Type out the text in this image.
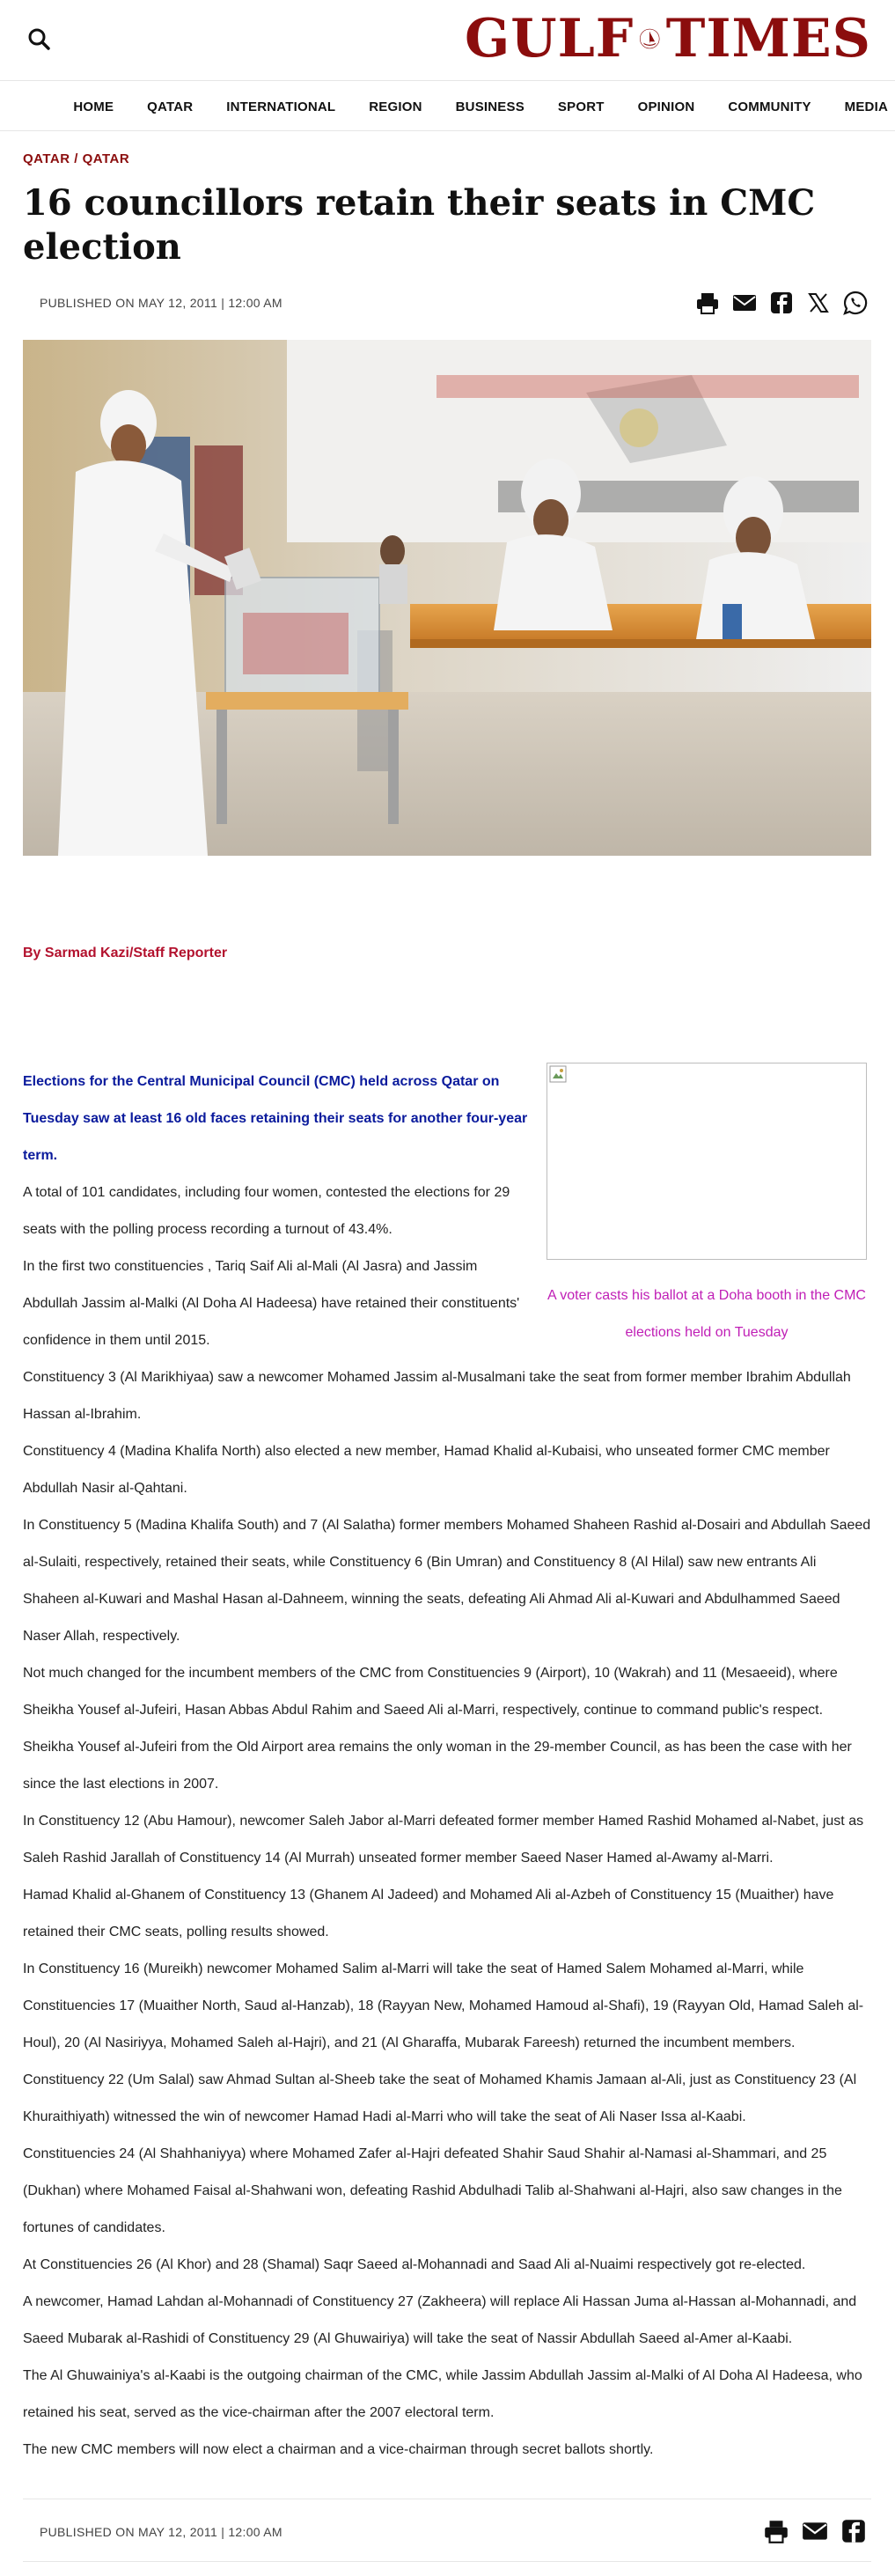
GULF TIMES
HOME	QATAR	INTERNATIONAL	REGION	BUSINESS	SPORT	OPINION	COMMUNITY	MEDIA
QATAR / QATAR
16 councillors retain their seats in CMC election
PUBLISHED ON MAY 12, 2011 | 12:00 AM
By Sarmad Kazi/Staff Reporter
A voter casts his ballot at a Doha booth in the CMC elections held on Tuesday

Elections for the Central Municipal Council (CMC) held across Qatar on Tuesday saw at least 16 old faces retaining their seats for another four-year term.

A total of 101 candidates, including four women, contested the elections for 29 seats with the polling process recording a turnout of 43.4%.

In the first two constituencies , Tariq Saif Ali al-Mali (Al Jasra) and Jassim Abdullah Jassim al-Malki (Al Doha Al Hadeesa) have retained their constituents' confidence in them until 2015.

Constituency 3 (Al Marikhiyaa) saw a newcomer Mohamed Jassim al-Musalmani take the seat from former member Ibrahim Abdullah Hassan al-Ibrahim.

Constituency 4 (Madina Khalifa North) also elected a new member, Hamad Khalid al-Kubaisi, who unseated former CMC member Abdullah Nasir al-Qahtani.

In Constituency 5 (Madina Khalifa South) and 7 (Al Salatha) former members Mohamed Shaheen Rashid al-Dosairi and Abdullah Saeed al-Sulaiti, respectively, retained their seats, while Constituency 6 (Bin Umran) and Constituency 8 (Al Hilal) saw new entrants Ali Shaheen al-Kuwari and Mashal Hasan al-Dahneem, winning the seats, defeating Ali Ahmad Ali al-Kuwari and Abdulhammed Saeed Naser Allah, respectively.

Not much changed for the incumbent members of the CMC from Constituencies 9 (Airport), 10 (Wakrah) and 11 (Mesaeeid), where Sheikha Yousef al-Jufeiri, Hasan Abbas Abdul Rahim and Saeed Ali al-Marri, respectively, continue to command public's respect.

Sheikha Yousef al-Jufeiri from the Old Airport area remains the only woman in the 29-member Council, as has been the case with her since the last elections in 2007.

In Constituency 12 (Abu Hamour), newcomer Saleh Jabor al-Marri defeated former member Hamed Rashid Mohamed al-Nabet, just as Saleh Rashid Jarallah of Constituency 14 (Al Murrah) unseated former member Saeed Naser Hamed al-Awamy al-Marri.

Hamad Khalid al-Ghanem of Constituency 13 (Ghanem Al Jadeed) and Mohamed Ali al-Azbeh of Constituency 15 (Muaither) have retained their CMC seats, polling results showed.

In Constituency 16 (Mureikh) newcomer Mohamed Salim al-Marri will take the seat of Hamed Salem Mohamed al-Marri, while Constituencies 17 (Muaither North, Saud al-Hanzab), 18 (Rayyan New, Mohamed Hamoud al-Shafi), 19 (Rayyan Old, Hamad Saleh al-Houl), 20 (Al Nasiriyya, Mohamed Saleh al-Hajri), and 21 (Al Gharaffa, Mubarak Fareesh) returned the incumbent members.

Constituency 22 (Um Salal) saw Ahmad Sultan al-Sheeb take the seat of Mohamed Khamis Jamaan al-Ali, just as Constituency 23 (Al Khuraithiyath) witnessed the win of newcomer Hamad Hadi al-Marri who will take the seat of Ali Naser Issa al-Kaabi.

Constituencies 24 (Al Shahhaniyya) where Mohamed Zafer al-Hajri defeated Shahir Saud Shahir al-Namasi al-Shammari, and 25 (Dukhan) where Mohamed Faisal al-Shahwani won, defeating Rashid Abdulhadi Talib al-Shahwani al-Hajri, also saw changes in the fortunes of candidates.

At Constituencies 26 (Al Khor) and 28 (Shamal) Saqr Saeed al-Mohannadi and Saad Ali al-Nuaimi respectively got re-elected.

A newcomer, Hamad Lahdan al-Mohannadi of Constituency 27 (Zakheera) will replace Ali Hassan Juma al-Hassan al-Mohannadi, and Saeed Mubarak al-Rashidi of Constituency 29 (Al Ghuwairiya) will take the seat of Nassir Abdullah Saeed al-Amer al-Kaabi.

The Al Ghuwainiya's al-Kaabi is the outgoing chairman of the CMC, while Jassim Abdullah Jassim al-Malki of Al Doha Al Hadeesa, who retained his seat, served as the vice-chairman after the 2007 electoral term.

The new CMC members will now elect a chairman and a vice-chairman through secret ballots shortly.

PUBLISHED ON MAY 12, 2011 | 12:00 AM
